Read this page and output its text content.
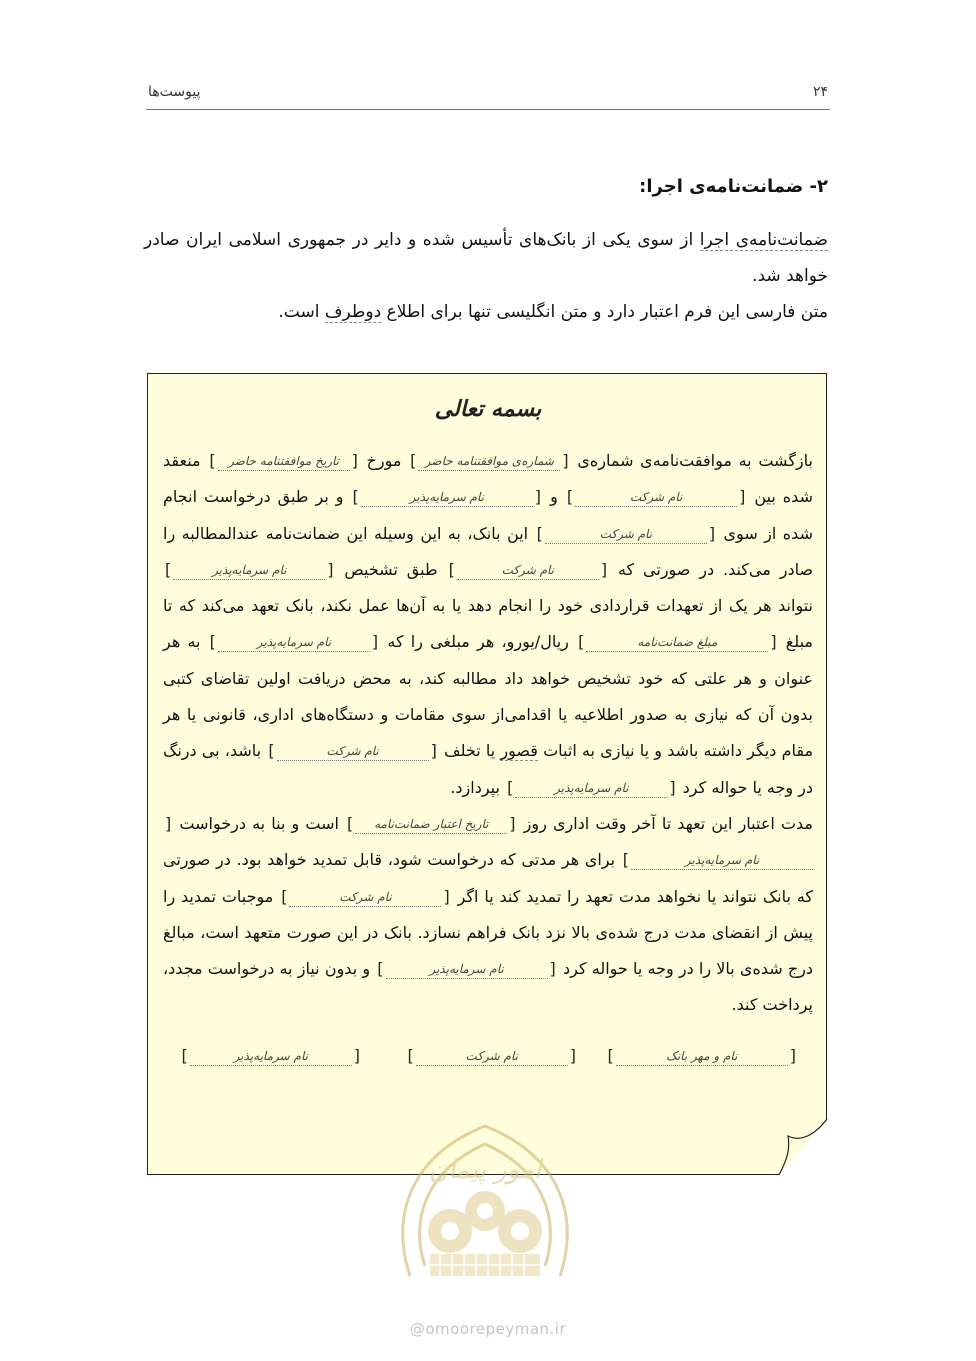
۲۴
پیوست‌ها
۲- ضمانت‌نامه‌ی اجرا:

ضمانت‌نامه‌ی اجرا از سوی یکی از بانک‌های تأسیس شده و دایر در جمهوری اسلامی ایران صادر خواهد شد.

متن فارسی این فرم اعتبار دارد و متن انگلیسی تنها برای اطلاع دوطرف است.

بسمه تعالی

بازگشت به موافقت‌نامه‌ی شماره‌ی [شماره‌ی موافقتنامه حاضر] مورخ [تاریخ موافقتنامه حاضر] منعقد شده بین [نام شرکت] و [نام سرمایه‌پذیر] و بر طبق درخواست انجام شده از سوی [نام شرکت] این بانک، به این وسیله این ضمانت‌نامه عندالمطالبه را صادر می‌کند. در صورتی که [نام شرکت] طبق تشخیص [نام سرمایه‌پذیر] نتواند هر یک از تعهدات قراردادی خود را انجام دهد یا به آن‌ها عمل نکند، بانک تعهد می‌کند که تا مبلغ [مبلغ ضمانت‌نامه] ریال/یورو، هر مبلغی را که [نام سرمایه‌پذیر] به هر عنوان و هر علتی که خود تشخیص خواهد داد مطالبه کند، به محض دریافت اولین تقاضای کتبی بدون آن که نیازی به صدور اطلاعیه یا اقدامی‌از سوی مقامات و دستگاه‌های اداری، قانونی یا هر مقام دیگر داشته باشد و یا نیازی به اثبات قصور یا تخلف [نام شرکت] باشد، بی درنگ در وجه یا حواله کرد [نام سرمایه‌پذیر] بپردازد.

مدت اعتبار این تعهد تا آخر وقت اداری روز [تاریخ اعتبار ضمانت‌نامه] است و بنا به درخواست [نام سرمایه‌پذیر] برای هر مدتی که درخواست شود، قابل تمدید خواهد بود. در صورتی که بانک نتواند یا نخواهد مدت تعهد را تمدید کند یا اگر [نام شرکت] موجبات تمدید را پیش از انقضای مدت درج شده‌ی بالا نزد بانک فراهم نسازد. بانک در این صورت متعهد است، مبالغ درج شده‌ی بالا را در وجه یا حواله کرد [نام سرمایه‌پذیر] و بدون نیاز به درخواست مجدد، پرداخت کند.

[نام و مهر بانک]
[نام شرکت]
[نام سرمایه‌پذیر]
امور پیمان
@omoorepeyman.ir
